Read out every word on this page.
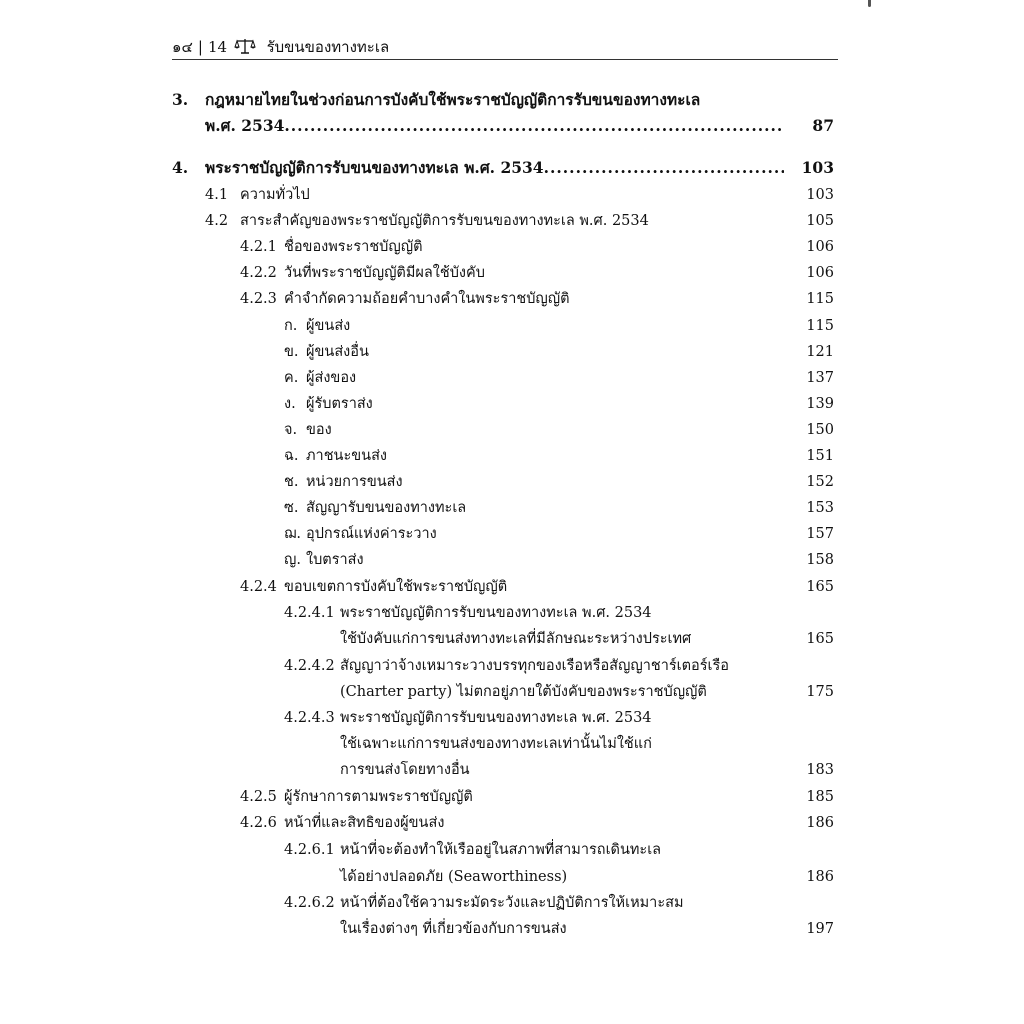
๑๔ | 14	รับขนของทางทะเล
3. กฎหมายไทยในช่วงก่อนการบังคับใช้พระราชบัญญัติการรับขนของทางทะเล
พ.ศ. 2534 .....	87
4. พระราชบัญญัติการรับขนของทางทะเล พ.ศ. 2534 .....	103
4.1 ความทั่วไป	103
4.2 สาระสำคัญของพระราชบัญญัติการรับขนของทางทะเล พ.ศ. 2534	105
4.2.1 ชื่อของพระราชบัญญัติ	106
4.2.2 วันที่พระราชบัญญัติมีผลใช้บังคับ	106
4.2.3 คำจำกัดความถ้อยคำบางคำในพระราชบัญญัติ	115
ก. ผู้ขนส่ง	115
ข. ผู้ขนส่งอื่น	121
ค. ผู้ส่งของ	137
ง. ผู้รับตราส่ง	139
จ. ของ	150
ฉ. ภาชนะขนส่ง	151
ช. หน่วยการขนส่ง	152
ซ. สัญญารับขนของทางทะเล	153
ฌ. อุปกรณ์แห่งค่าระวาง	157
ญ. ใบตราส่ง	158
4.2.4 ขอบเขตการบังคับใช้พระราชบัญญัติ	165
4.2.4.1 พระราชบัญญัติการรับขนของทางทะเล พ.ศ. 2534
ใช้บังคับแก่การขนส่งทางทะเลที่มีลักษณะระหว่างประเทศ	165
4.2.4.2 สัญญาว่าจ้างเหมาระวางบรรทุกของเรือหรือสัญญาชาร์เตอร์เรือ
(Charter party) ไม่ตกอยู่ภายใต้บังคับของพระราชบัญญัติ	175
4.2.4.3 พระราชบัญญัติการรับขนของทางทะเล พ.ศ. 2534
ใช้เฉพาะแก่การขนส่งของทางทะเลเท่านั้นไม่ใช้แก่
การขนส่งโดยทางอื่น	183
4.2.5 ผู้รักษาการตามพระราชบัญญัติ	185
4.2.6 หน้าที่และสิทธิของผู้ขนส่ง	186
4.2.6.1 หน้าที่จะต้องทำให้เรืออยู่ในสภาพที่สามารถเดินทะเล
ได้อย่างปลอดภัย (Seaworthiness)	186
4.2.6.2 หน้าที่ต้องใช้ความระมัดระวังและปฏิบัติการให้เหมาะสม
ในเรื่องต่างๆ ที่เกี่ยวข้องกับการขนส่ง	197
